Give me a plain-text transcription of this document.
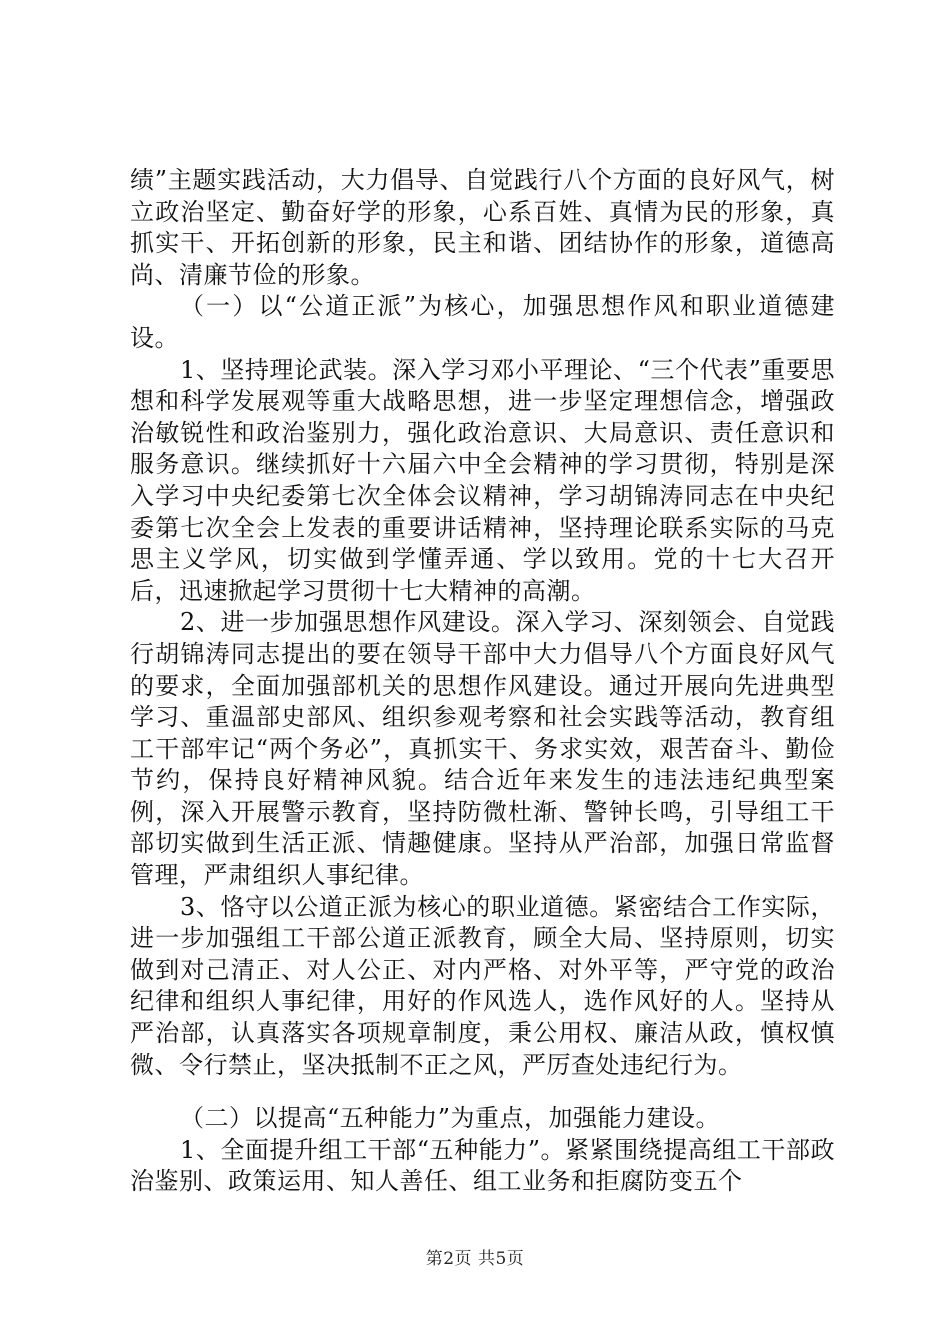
绩”主题实践活动，大力倡导、自觉践行八个方面的良好风气，树立政治坚定、勤奋好学的形象，心系百姓、真情为民的形象，真抓实干、开拓创新的形象，民主和谐、团结协作的形象，道德高尚、清廉节俭的形象。

（一）以“公道正派”为核心，加强思想作风和职业道德建设。

1、坚持理论武装。深入学习邓小平理论、“三个代表”重要思想和科学发展观等重大战略思想，进一步坚定理想信念，增强政治敏锐性和政治鉴别力，强化政治意识、大局意识、责任意识和服务意识。继续抓好十六届六中全会精神的学习贯彻，特别是深入学习中央纪委第七次全体会议精神，学习胡锦涛同志在中央纪委第七次全会上发表的重要讲话精神，坚持理论联系实际的马克思主义学风，切实做到学懂弄通、学以致用。党的十七大召开后，迅速掀起学习贯彻十七大精神的高潮。

2、进一步加强思想作风建设。深入学习、深刻领会、自觉践行胡锦涛同志提出的要在领导干部中大力倡导八个方面良好风气的要求，全面加强部机关的思想作风建设。通过开展向先进典型学习、重温部史部风、组织参观考察和社会实践等活动，教育组工干部牢记“两个务必”，真抓实干、务求实效，艰苦奋斗、勤俭节约，保持良好精神风貌。结合近年来发生的违法违纪典型案例，深入开展警示教育，坚持防微杜渐、警钟长鸣，引导组工干部切实做到生活正派、情趣健康。坚持从严治部，加强日常监督管理，严肃组织人事纪律。

3、恪守以公道正派为核心的职业道德。紧密结合工作实际，进一步加强组工干部公道正派教育，顾全大局、坚持原则，切实做到对己清正、对人公正、对内严格、对外平等，严守党的政治纪律和组织人事纪律，用好的作风选人，选作风好的人。坚持从严治部，认真落实各项规章制度，秉公用权、廉洁从政，慎权慎微、令行禁止，坚决抵制不正之风，严厉查处违纪行为。

（二）以提高“五种能力”为重点，加强能力建设。

1、全面提升组工干部“五种能力”。紧紧围绕提高组工干部政治鉴别、政策运用、知人善任、组工业务和拒腐防变五个

第2页 共5页
